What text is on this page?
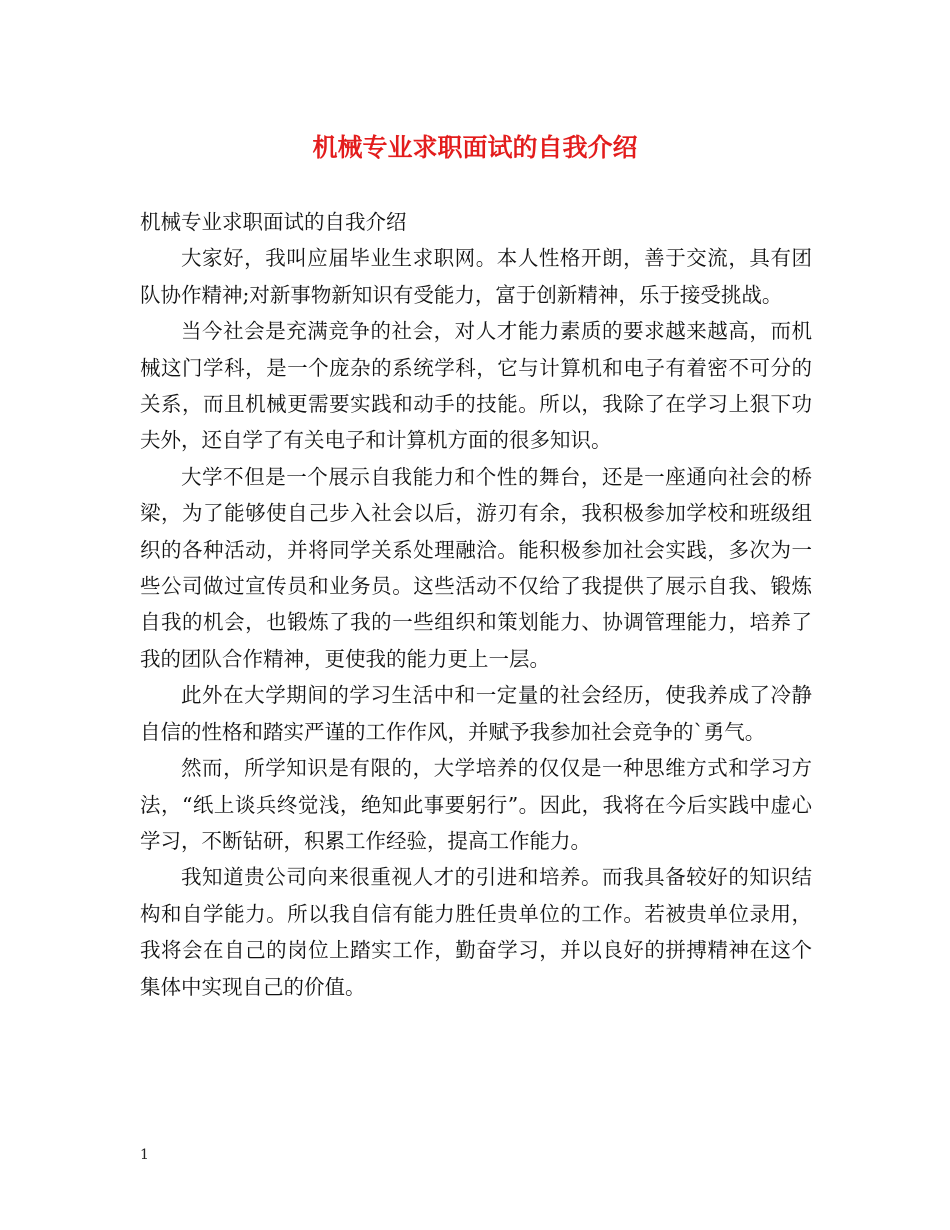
机械专业求职面试的自我介绍

机械专业求职面试的自我介绍

大家好，我叫应届毕业生求职网。本人性格开朗，善于交流，具有团队协作精神;对新事物新知识有受能力，富于创新精神，乐于接受挑战。

当今社会是充满竞争的社会，对人才能力素质的要求越来越高，而机械这门学科，是一个庞杂的系统学科，它与计算机和电子有着密不可分的关系，而且机械更需要实践和动手的技能。所以，我除了在学习上狠下功夫外，还自学了有关电子和计算机方面的很多知识。

大学不但是一个展示自我能力和个性的舞台，还是一座通向社会的桥梁，为了能够使自己步入社会以后，游刃有余，我积极参加学校和班级组织的各种活动，并将同学关系处理融洽。能积极参加社会实践，多次为一些公司做过宣传员和业务员。这些活动不仅给了我提供了展示自我、锻炼自我的机会，也锻炼了我的一些组织和策划能力、协调管理能力，培养了我的团队合作精神，更使我的能力更上一层。

此外在大学期间的学习生活中和一定量的社会经历，使我养成了冷静自信的性格和踏实严谨的工作作风，并赋予我参加社会竞争的`勇气。

然而，所学知识是有限的，大学培养的仅仅是一种思维方式和学习方法，“纸上谈兵终觉浅，绝知此事要躬行”。因此，我将在今后实践中虚心学习，不断钻研，积累工作经验，提高工作能力。

我知道贵公司向来很重视人才的引进和培养。而我具备较好的知识结构和自学能力。所以我自信有能力胜任贵单位的工作。若被贵单位录用，我将会在自己的岗位上踏实工作，勤奋学习，并以良好的拼搏精神在这个集体中实现自己的价值。

1
